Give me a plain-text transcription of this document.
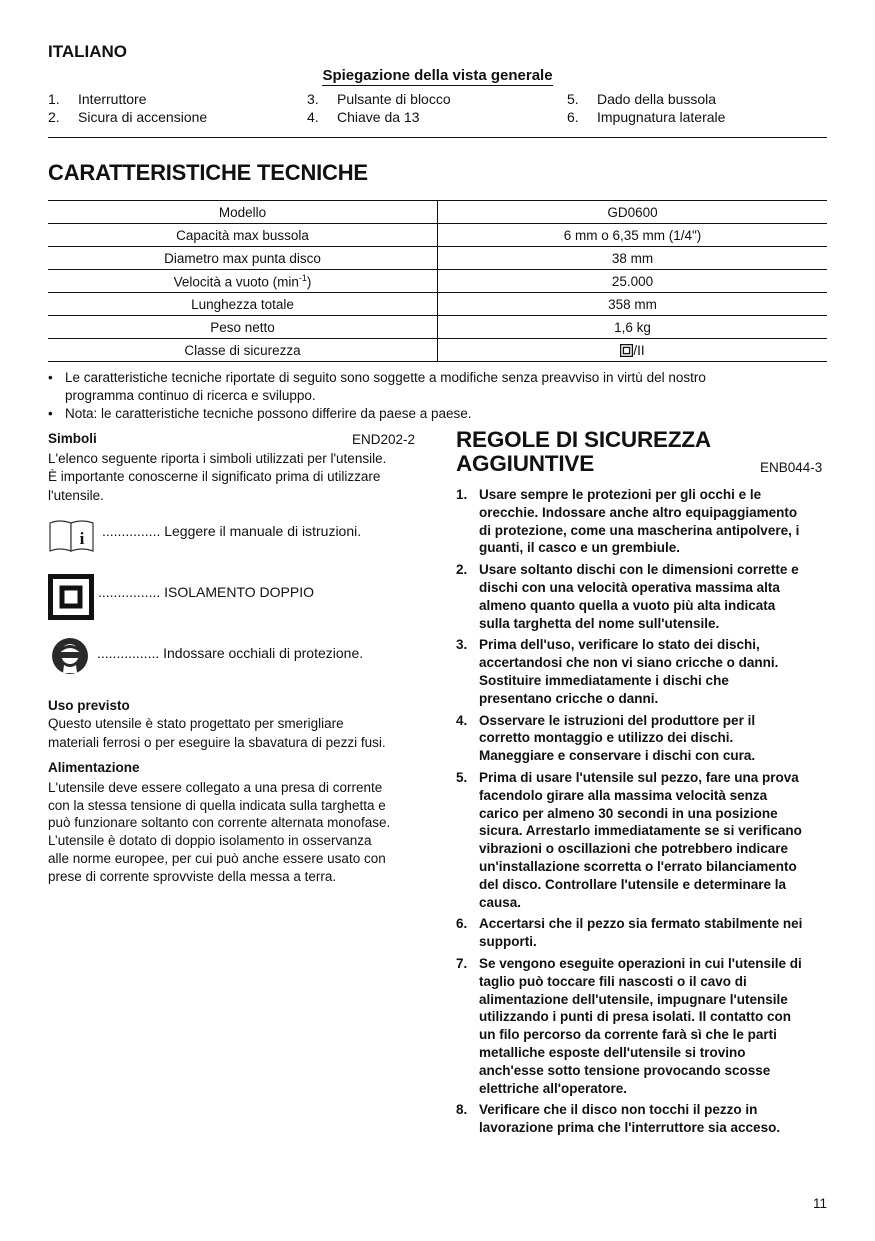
ITALIANO
Spiegazione della vista generale
1. Interruttore
2. Sicura di accensione
3. Pulsante di blocco
4. Chiave da 13
5. Dado della bussola
6. Impugnatura laterale
CARATTERISTICHE TECNICHE
Modello	GD0600
Capacità max bussola	6 mm o 6,35 mm (1/4")
Diametro max punta disco	38 mm
Velocità a vuoto $(\min^{-1})$	25.000
Lunghezza totale	358 mm
Peso netto	1,6 kg
Classe di sicurezza	/II
• Le caratteristiche tecniche riportate di seguito sono soggette a modifiche senza preavviso in virtù del nostro
programma continuo di ricerca e sviluppo.
• Nota: le caratteristiche tecniche possono differire da paese a paese.
Simboli	END202-2
L'elenco seguente riporta i simboli utilizzati per l'utensile.
È importante conoscerne il significato prima di utilizzare
l'utensile.
i ............... Leggere il manuale di istruzioni.
................ ISOLAMENTO DOPPIO
................ Indossare occhiali di protezione.
Uso previsto
Questo utensile è stato progettato per smerigliare
materiali ferrosi o per eseguire la sbavatura di pezzi fusi.
Alimentazione
L'utensile deve essere collegato a una presa di corrente
con la stessa tensione di quella indicata sulla targhetta e
può funzionare soltanto con corrente alternata monofase.
L’utensile è dotato di doppio isolamento in osservanza
alle norme europee, per cui può anche essere usato con
prese di corrente sprovviste della messa a terra.
REGOLE DI SICUREZZA
AGGIUNTIVE	ENB044-3
1. Usare sempre le protezioni per gli occhi e le
orecchie. Indossare anche altro equipaggiamento
di protezione, come una mascherina antipolvere, i
guanti, il casco e un grembiule.
2. Usare soltanto dischi con le dimensioni corrette e
dischi con una velocità operativa massima alta
almeno quanto quella a vuoto più alta indicata
sulla targhetta del nome sull'utensile.
3. Prima dell'uso, verificare lo stato dei dischi,
accertandosi che non vi siano cricche o danni.
Sostituire immediatamente i dischi che
presentano cricche o danni.
4. Osservare le istruzioni del produttore per il
corretto montaggio e utilizzo dei dischi.
Maneggiare e conservare i dischi con cura.
5. Prima di usare l'utensile sul pezzo, fare una prova
facendolo girare alla massima velocità senza
carico per almeno 30 secondi in una posizione
sicura. Arrestarlo immediatamente se si verificano
vibrazioni o oscillazioni che potrebbero indicare
un'installazione scorretta o l'errato bilanciamento
del disco. Controllare l'utensile e determinare la
causa.
6. Accertarsi che il pezzo sia fermato stabilmente nei
supporti.
7. Se vengono eseguite operazioni in cui l'utensile di
taglio può toccare fili nascosti o il cavo di
alimentazione dell'utensile, impugnare l'utensile
utilizzando i punti di presa isolati. Il contatto con
un filo percorso da corrente farà sì che le parti
metalliche esposte dell'utensile si trovino
anch'esse sotto tensione provocando scosse
elettriche all'operatore.
8. Verificare che il disco non tocchi il pezzo in
lavorazione prima che l'interruttore sia acceso.
11
